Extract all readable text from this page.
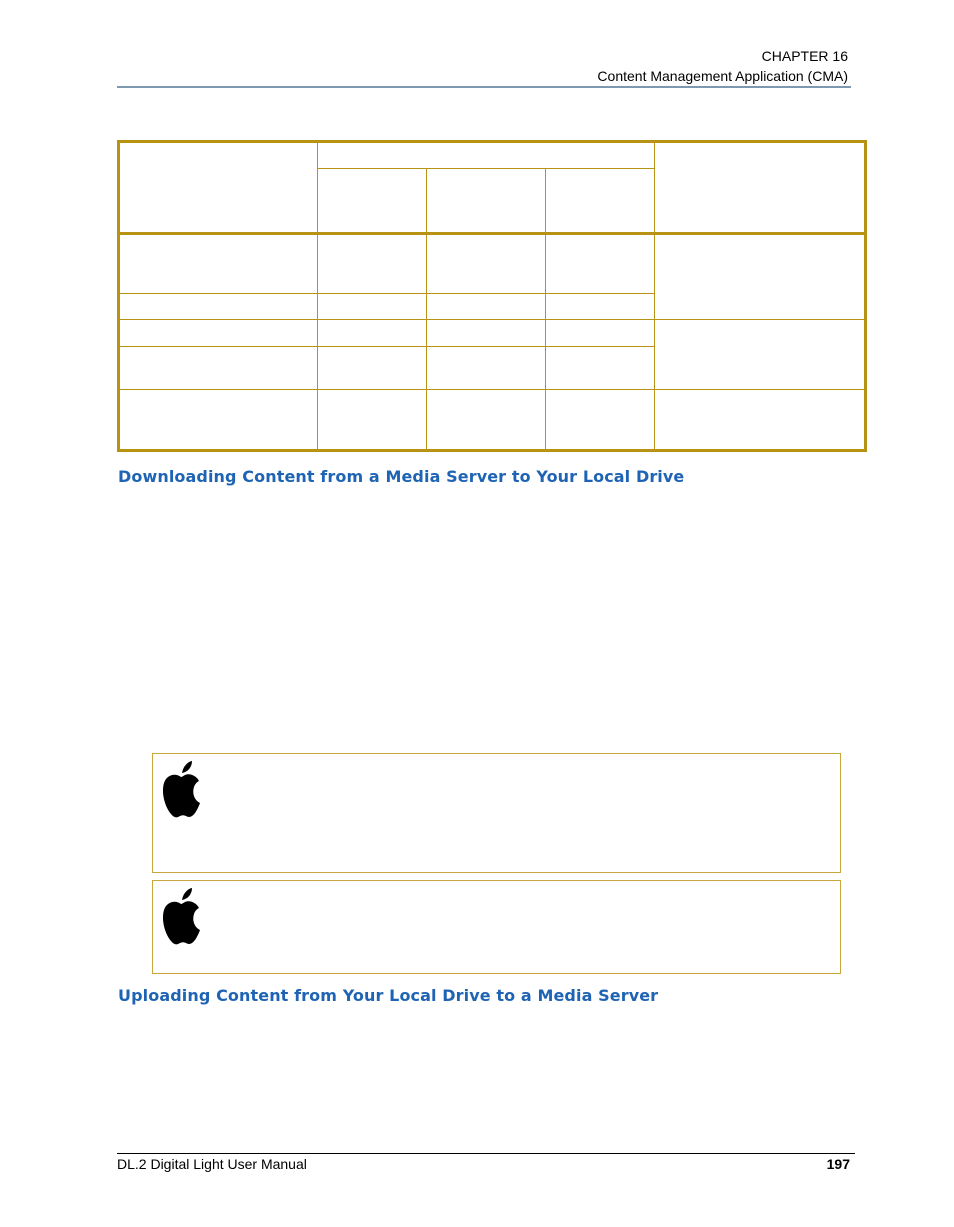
CHAPTER 16
Content Management Application (CMA)
Downloading Content from a Media Server to Your Local Drive
Uploading Content from Your Local Drive to a Media Server
DL.2 Digital Light User Manual	197
